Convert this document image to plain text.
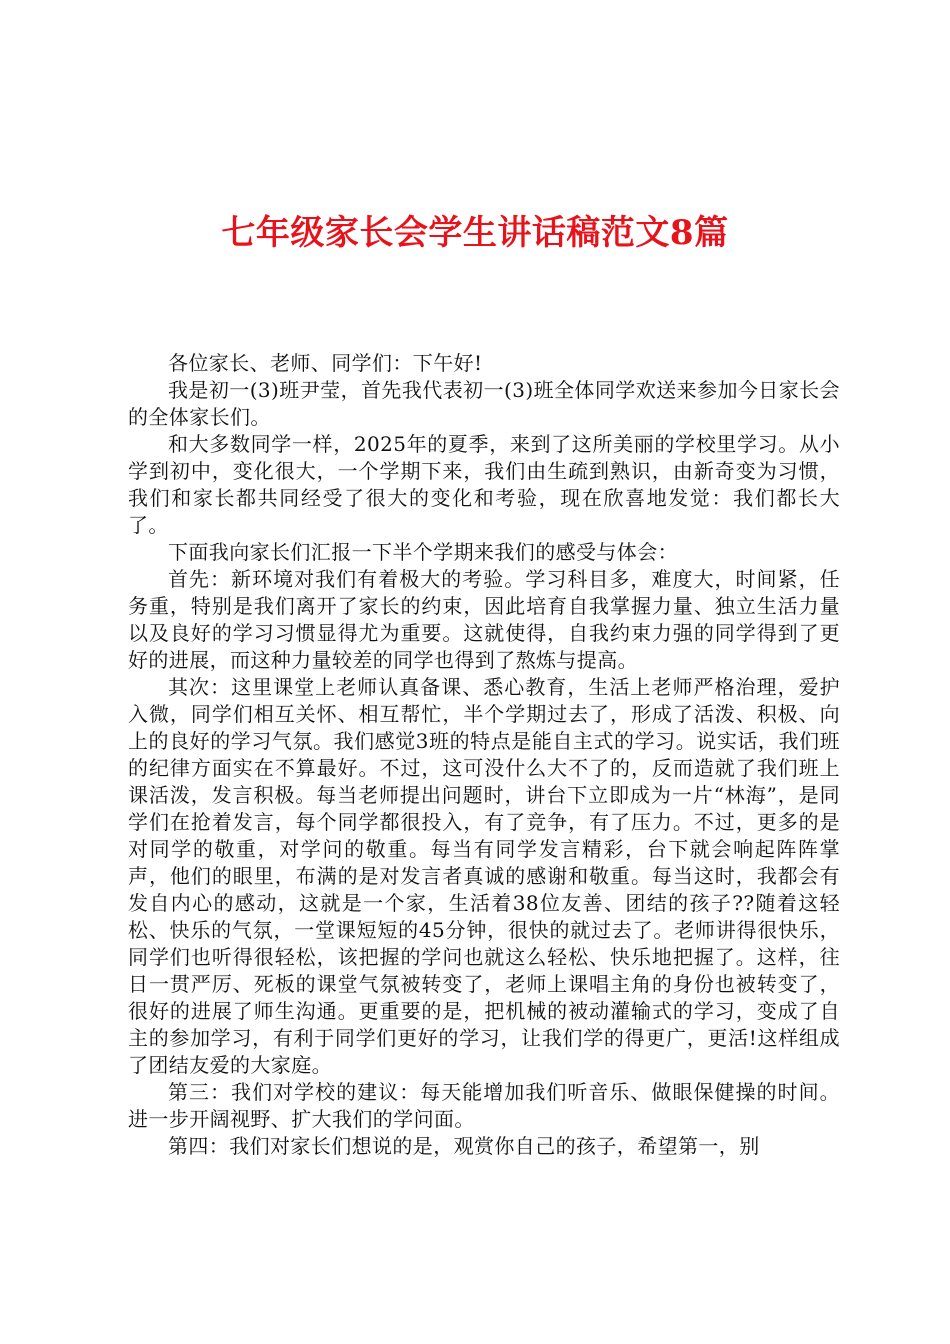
七年级家长会学生讲话稿范文8篇

各位家长、老师、同学们：下午好!

我是初一(3)班尹莹，首先我代表初一(3)班全体同学欢送来参加今日家长会的全体家长们。

和大多数同学一样，2025年的夏季，来到了这所美丽的学校里学习。从小学到初中，变化很大，一个学期下来，我们由生疏到熟识，由新奇变为习惯，我们和家长都共同经受了很大的变化和考验，现在欣喜地发觉：我们都长大了。

下面我向家长们汇报一下半个学期来我们的感受与体会：

首先：新环境对我们有着极大的考验。学习科目多，难度大，时间紧，任务重，特别是我们离开了家长的约束，因此培育自我掌握力量、独立生活力量以及良好的学习习惯显得尤为重要。这就使得，自我约束力强的同学得到了更好的进展，而这种力量较差的同学也得到了熬炼与提高。

其次：这里课堂上老师认真备课、悉心教育，生活上老师严格治理，爱护入微，同学们相互关怀、相互帮忙，半个学期过去了，形成了活泼、积极、向上的良好的学习气氛。我们感觉3班的特点是能自主式的学习。说实话，我们班的纪律方面实在不算最好。不过，这可没什么大不了的，反而造就了我们班上课活泼，发言积极。每当老师提出问题时，讲台下立即成为一片“林海”，是同学们在抢着发言，每个同学都很投入，有了竞争，有了压力。不过，更多的是对同学的敬重，对学问的敬重。每当有同学发言精彩，台下就会响起阵阵掌声，他们的眼里，布满的是对发言者真诚的感谢和敬重。每当这时，我都会有发自内心的感动，这就是一个家，生活着38位友善、团结的孩子??随着这轻松、快乐的气氛，一堂课短短的45分钟，很快的就过去了。老师讲得很快乐，同学们也听得很轻松，该把握的学问也就这么轻松、快乐地把握了。这样，往日一贯严厉、死板的课堂气氛被转变了，老师上课唱主角的身份也被转变了，很好的进展了师生沟通。更重要的是，把机械的被动灌输式的学习，变成了自主的参加学习，有利于同学们更好的学习，让我们学的得更广，更活!这样组成了团结友爱的大家庭。

第三：我们对学校的建议：每天能增加我们听音乐、做眼保健操的时间。进一步开阔视野、扩大我们的学问面。

第四：我们对家长们想说的是，观赏你自己的孩子，希望第一，别
